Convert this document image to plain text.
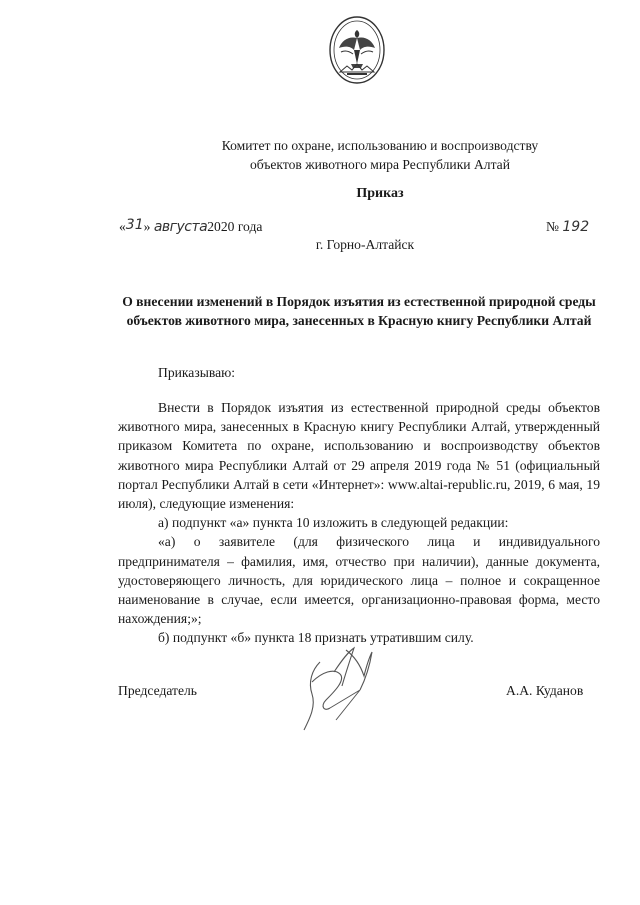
Комитет по охране, использованию и воспроизводству
объектов животного мира Республики Алтай
Приказ
«31» августа2020 года	№ 192
г. Горно-Алтайск
О внесении изменений в Порядок изъятия из естественной природной среды объектов животного мира, занесенных в Красную книгу Республики Алтай
Приказываю:

Внести в Порядок изъятия из естественной природной среды объектов животного мира, занесенных в Красную книгу Республики Алтай, утвержденный приказом Комитета по охране, использованию и воспроизводству объектов животного мира Республики Алтай от 29 апреля 2019 года № 51 (официальный портал Республики Алтай в сети «Интернет»: www.altai-republic.ru, 2019, 6 мая, 19 июля), следующие изменения:

а) подпункт «а» пункта 10 изложить в следующей редакции:

«а) о заявителе (для физического лица и индивидуального предпринимателя – фамилия, имя, отчество при наличии), данные документа, удостоверяющего личность, для юридического лица – полное и сокращенное наименование в случае, если имеется, организационно-правовая форма, место нахождения;»;

б) подпункт «б» пункта 18 признать утратившим силу.

Председатель	А.А. Куданов
